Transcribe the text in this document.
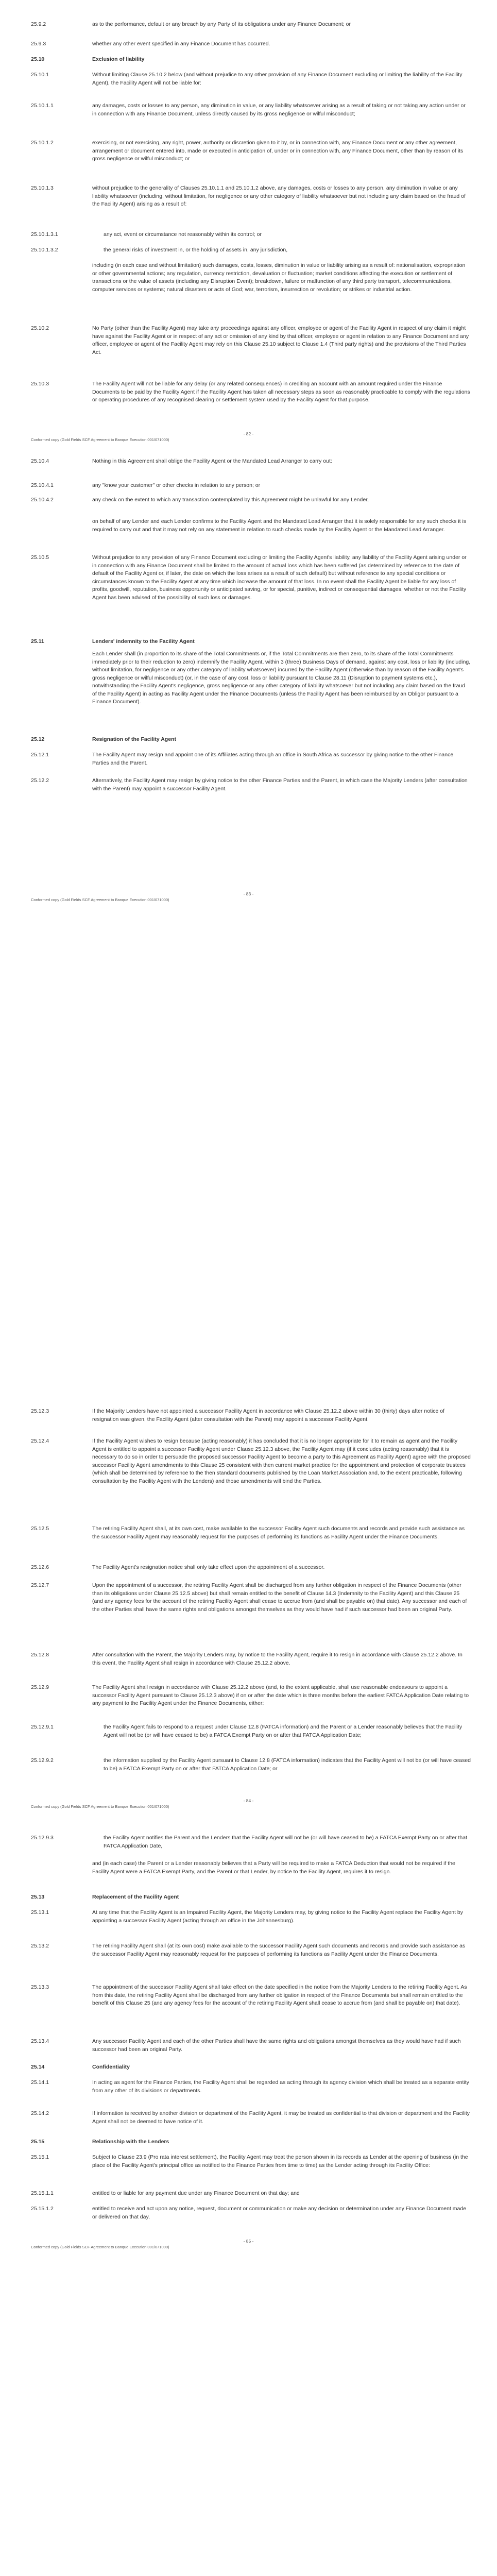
25.9.2	as to the performance, default or any breach by any Party of its obligations under any Finance Document; or
25.9.3	whether any other event specified in any Finance Document has occurred.
25.10	Exclusion of liability
25.10.1	Without limiting Clause 25.10.2 below (and without prejudice to any other provision of any Finance Document excluding or limiting the liability of the Facility Agent), the Facility Agent will not be liable for:
25.10.1.1	any damages, costs or losses to any person, any diminution in value, or any liability whatsoever arising as a result of taking or not taking any action under or in connection with any Finance Document, unless directly caused by its gross negligence or wilful misconduct;
25.10.1.2	exercising, or not exercising, any right, power, authority or discretion given to it by, or in connection with, any Finance Document or any other agreement, arrangement or document entered into, made or executed in anticipation of, under or in connection with, any Finance Document, other than by reason of its gross negligence or wilful misconduct; or
25.10.1.3	without prejudice to the generality of Clauses 25.10.1.1 and 25.10.1.2 above, any damages, costs or losses to any person, any diminution in value or any liability whatsoever (including, without limitation, for negligence or any other category of liability whatsoever but not including any claim based on the fraud of the Facility Agent) arising as a result of:
25.10.1.3.1	any act, event or circumstance not reasonably within its control; or
25.10.1.3.2	the general risks of investment in, or the holding of assets in, any jurisdiction,
including (in each case and without limitation) such damages, costs, losses, diminution in value or liability arising as a result of: nationalisation, expropriation or other governmental actions; any regulation, currency restriction, devaluation or fluctuation; market conditions affecting the execution or settlement of transactions or the value of assets (including any Disruption Event); breakdown, failure or malfunction of any third party transport, telecommunications, computer services or systems; natural disasters or acts of God; war, terrorism, insurrection or revolution; or strikes or industrial action.
25.10.2	No Party (other than the Facility Agent) may take any proceedings against any officer, employee or agent of the Facility Agent in respect of any claim it might have against the Facility Agent or in respect of any act or omission of any kind by that officer, employee or agent in relation to any Finance Document and any officer, employee or agent of the Facility Agent may rely on this Clause 25.10 subject to Clause 1.4 (Third party rights) and the provisions of the Third Parties Act.
25.10.3	The Facility Agent will not be liable for any delay (or any related consequences) in crediting an account with an amount required under the Finance Documents to be paid by the Facility Agent if the Facility Agent has taken all necessary steps as soon as reasonably practicable to comply with the regulations or operating procedures of any recognised clearing or settlement system used by the Facility Agent for that purpose.
- 82 -
Conformed copy (Gold Fields SCF Agreement to Banque Execution 001/071000)
25.10.4	Nothing in this Agreement shall oblige the Facility Agent or the Mandated Lead Arranger to carry out:
25.10.4.1	any "know your customer" or other checks in relation to any person; or
25.10.4.2	any check on the extent to which any transaction contemplated by this Agreement might be unlawful for any Lender,
on behalf of any Lender and each Lender confirms to the Facility Agent and the Mandated Lead Arranger that it is solely responsible for any such checks it is required to carry out and that it may not rely on any statement in relation to such checks made by the Facility Agent or the Mandated Lead Arranger.
25.10.5	Without prejudice to any provision of any Finance Document excluding or limiting the Facility Agent's liability, any liability of the Facility Agent arising under or in connection with any Finance Document shall be limited to the amount of actual loss which has been suffered (as determined by reference to the date of default of the Facility Agent or, if later, the date on which the loss arises as a result of such default) but without reference to any special conditions or circumstances known to the Facility Agent at any time which increase the amount of that loss. In no event shall the Facility Agent be liable for any loss of profits, goodwill, reputation, business opportunity or anticipated saving, or for special, punitive, indirect or consequential damages, whether or not the Facility Agent has been advised of the possibility of such loss or damages.
25.11	Lenders' indemnity to the Facility Agent
Each Lender shall (in proportion to its share of the Total Commitments or, if the Total Commitments are then zero, to its share of the Total Commitments immediately prior to their reduction to zero) indemnify the Facility Agent, within 3 (three) Business Days of demand, against any cost, loss or liability (including, without limitation, for negligence or any other category of liability whatsoever) incurred by the Facility Agent (otherwise than by reason of the Facility Agent's gross negligence or wilful misconduct) (or, in the case of any cost, loss or liability pursuant to Clause 28.11 (Disruption to payment systems etc.), notwithstanding the Facility Agent's negligence, gross negligence or any other category of liability whatsoever but not including any claim based on the fraud of the Facility Agent) in acting as Facility Agent under the Finance Documents (unless the Facility Agent has been reimbursed by an Obligor pursuant to a Finance Document).
25.12	Resignation of the Facility Agent
25.12.1	The Facility Agent may resign and appoint one of its Affiliates acting through an office in South Africa as successor by giving notice to the other Finance Parties and the Parent.
25.12.2	Alternatively, the Facility Agent may resign by giving notice to the other Finance Parties and the Parent, in which case the Majority Lenders (after consultation with the Parent) may appoint a successor Facility Agent.
- 83 -
Conformed copy (Gold Fields SCF Agreement to Banque Execution 001/071000)
25.12.3	If the Majority Lenders have not appointed a successor Facility Agent in accordance with Clause 25.12.2 above within 30 (thirty) days after notice of resignation was given, the Facility Agent (after consultation with the Parent) may appoint a successor Facility Agent.
25.12.4	If the Facility Agent wishes to resign because (acting reasonably) it has concluded that it is no longer appropriate for it to remain as agent and the Facility Agent is entitled to appoint a successor Facility Agent under Clause 25.12.3 above, the Facility Agent may (if it concludes (acting reasonably) that it is necessary to do so in order to persuade the proposed successor Facility Agent to become a party to this Agreement as Facility Agent) agree with the proposed successor Facility Agent amendments to this Clause 25 consistent with then current market practice for the appointment and protection of corporate trustees (which shall be determined by reference to the then standard documents published by the Loan Market Association and, to the extent practicable, following consultation by the Facility Agent with the Lenders) and those amendments will bind the Parties.
25.12.5	The retiring Facility Agent shall, at its own cost, make available to the successor Facility Agent such documents and records and provide such assistance as the successor Facility Agent may reasonably request for the purposes of performing its functions as Facility Agent under the Finance Documents.
25.12.6	The Facility Agent's resignation notice shall only take effect upon the appointment of a successor.
25.12.7	Upon the appointment of a successor, the retiring Facility Agent shall be discharged from any further obligation in respect of the Finance Documents (other than its obligations under Clause 25.12.5 above) but shall remain entitled to the benefit of Clause 14.3 (Indemnity to the Facility Agent) and this Clause 25 (and any agency fees for the account of the retiring Facility Agent shall cease to accrue from (and shall be payable on) that date). Any successor and each of the other Parties shall have the same rights and obligations amongst themselves as they would have had if such successor had been an original Party.
25.12.8	After consultation with the Parent, the Majority Lenders may, by notice to the Facility Agent, require it to resign in accordance with Clause 25.12.2 above. In this event, the Facility Agent shall resign in accordance with Clause 25.12.2 above.
25.12.9	The Facility Agent shall resign in accordance with Clause 25.12.2 above (and, to the extent applicable, shall use reasonable endeavours to appoint a successor Facility Agent pursuant to Clause 25.12.3 above) if on or after the date which is three months before the earliest FATCA Application Date relating to any payment to the Facility Agent under the Finance Documents, either:
25.12.9.1	the Facility Agent fails to respond to a request under Clause 12.8 (FATCA information) and the Parent or a Lender reasonably believes that the Facility Agent will not be (or will have ceased to be) a FATCA Exempt Party on or after that FATCA Application Date;
25.12.9.2	the information supplied by the Facility Agent pursuant to Clause 12.8 (FATCA information) indicates that the Facility Agent will not be (or will have ceased to be) a FATCA Exempt Party on or after that FATCA Application Date; or
- 84 -
Conformed copy (Gold Fields SCF Agreement to Banque Execution 001/071000)
25.12.9.3	the Facility Agent notifies the Parent and the Lenders that the Facility Agent will not be (or will have ceased to be) a FATCA Exempt Party on or after that FATCA Application Date,
and (in each case) the Parent or a Lender reasonably believes that a Party will be required to make a FATCA Deduction that would not be required if the Facility Agent were a FATCA Exempt Party, and the Parent or that Lender, by notice to the Facility Agent, requires it to resign.
25.13	Replacement of the Facility Agent
25.13.1	At any time that the Facility Agent is an Impaired Facility Agent, the Majority Lenders may, by giving notice to the Facility Agent replace the Facility Agent by appointing a successor Facility Agent (acting through an office in the Johannesburg).
25.13.2	The retiring Facility Agent shall (at its own cost) make available to the successor Facility Agent such documents and records and provide such assistance as the successor Facility Agent may reasonably request for the purposes of performing its functions as Facility Agent under the Finance Documents.
25.13.3	The appointment of the successor Facility Agent shall take effect on the date specified in the notice from the Majority Lenders to the retiring Facility Agent. As from this date, the retiring Facility Agent shall be discharged from any further obligation in respect of the Finance Documents but shall remain entitled to the benefit of this Clause 25 (and any agency fees for the account of the retiring Facility Agent shall cease to accrue from (and shall be payable on) that date).
25.13.4	Any successor Facility Agent and each of the other Parties shall have the same rights and obligations amongst themselves as they would have had if such successor had been an original Party.
25.14	Confidentiality
25.14.1	In acting as agent for the Finance Parties, the Facility Agent shall be regarded as acting through its agency division which shall be treated as a separate entity from any other of its divisions or departments.
25.14.2	If information is received by another division or department of the Facility Agent, it may be treated as confidential to that division or department and the Facility Agent shall not be deemed to have notice of it.
25.15	Relationship with the Lenders
25.15.1	Subject to Clause 23.9 (Pro rata interest settlement), the Facility Agent may treat the person shown in its records as Lender at the opening of business (in the place of the Facility Agent's principal office as notified to the Finance Parties from time to time) as the Lender acting through its Facility Office:
25.15.1.1	entitled to or liable for any payment due under any Finance Document on that day; and
25.15.1.2	entitled to receive and act upon any notice, request, document or communication or make any decision or determination under any Finance Document made or delivered on that day,
- 85 -
Conformed copy (Gold Fields SCF Agreement to Banque Execution 001/071000)
